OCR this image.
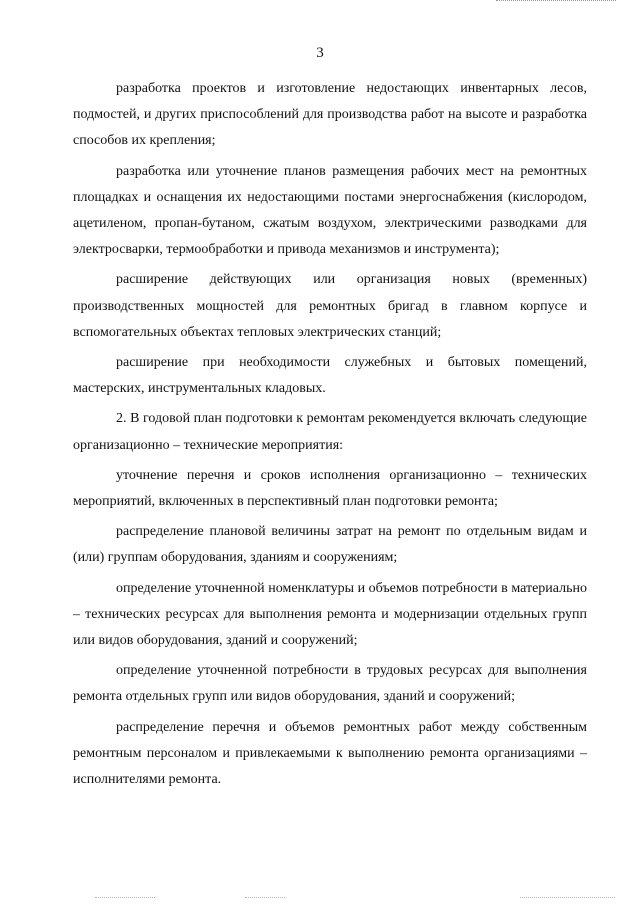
3

разработка проектов и изготовление недостающих инвентарных лесов, подмостей, и других приспособлений для производства работ на высоте и разработка способов их крепления;

разработка или уточнение планов размещения рабочих мест на ремонтных площадках и оснащения их недостающими постами энергоснабжения (кислородом, ацетиленом, пропан-бутаном, сжатым воздухом, электрическими разводками для электросварки, термообработки и привода механизмов и инструмента);

расширение действующих или организация новых (временных) производственных мощностей для ремонтных бригад в главном корпусе и вспомогательных объектах тепловых электрических станций;

расширение при необходимости служебных и бытовых помещений, мастерских, инструментальных кладовых.

2. В годовой план подготовки к ремонтам рекомендуется включать следующие организационно – технические мероприятия:

уточнение перечня и сроков исполнения организационно – технических мероприятий, включенных в перспективный план подготовки ремонта;

распределение плановой величины затрат на ремонт по отдельным видам и (или) группам оборудования, зданиям и сооружениям;

определение уточненной номенклатуры и объемов потребности в материально – технических ресурсах для выполнения ремонта и модернизации отдельных групп или видов оборудования, зданий и сооружений;

определение уточненной потребности в трудовых ресурсах для выполнения ремонта отдельных групп или видов оборудования, зданий и сооружений;

распределение перечня и объемов ремонтных работ между собственным ремонтным персоналом и привлекаемыми к выполнению ремонта организациями – исполнителями ремонта.
